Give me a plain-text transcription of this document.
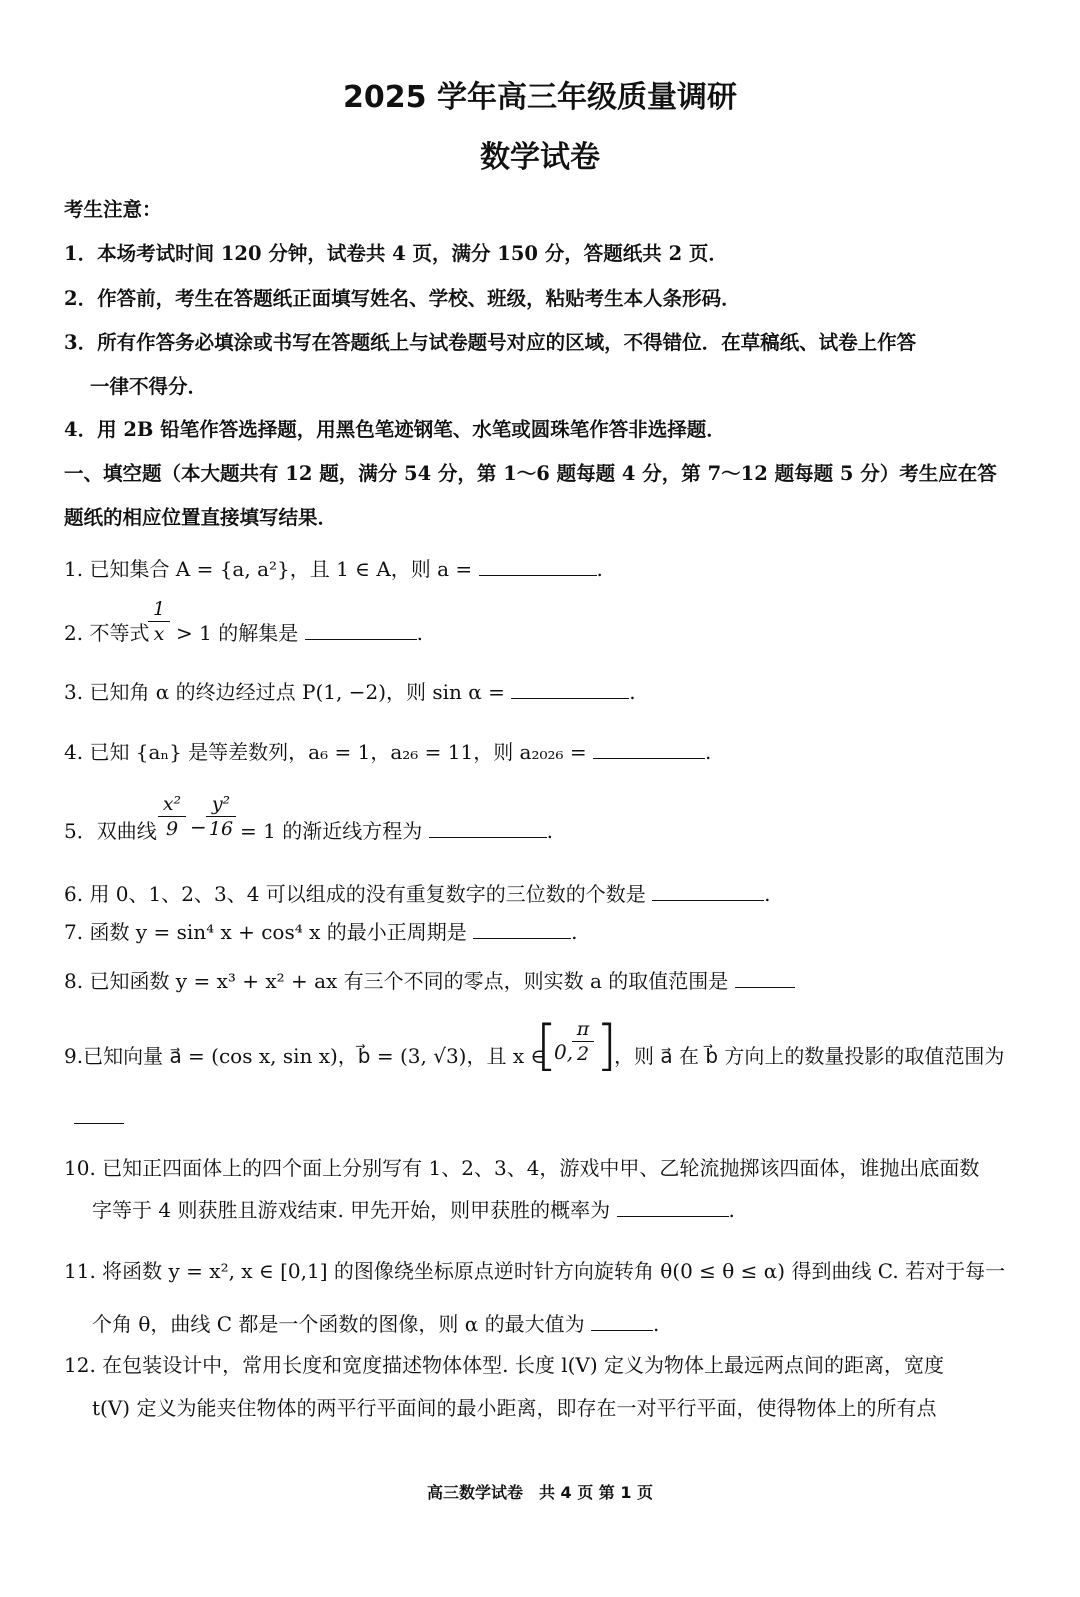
2025 学年高三年级质量调研
数学试卷
考生注意：
1．本场考试时间 120 分钟，试卷共 4 页，满分 150 分，答题纸共 2 页．
2．作答前，考生在答题纸正面填写姓名、学校、班级，粘贴考生本人条形码．
3．所有作答务必填涂或书写在答题纸上与试卷题号对应的区域，不得错位．在草稿纸、试卷上作答
一律不得分．
4．用 2B 铅笔作答选择题，用黑色笔迹钢笔、水笔或圆珠笔作答非选择题．
一、填空题（本大题共有 12 题，满分 54 分，第 1～6 题每题 4 分，第 7～12 题每题 5 分）考生应在答
题纸的相应位置直接填写结果．
1. 已知集合 A = {a, a²}，且 1 ∈ A，则 a =	.
2. 不等式
1
x > 1 的解集是	.
3. 已知角 α 的终边经过点 P(1, −2)，则 sin α =	.
4. 已知 {aₙ} 是等差数列，a₆ = 1，a₂₆ = 11，则 a₂₀₂₆ =	.
5．双曲线
x²
9 −
y²
16 = 1 的渐近线方程为	.
6. 用 0、1、2、3、4 可以组成的没有重复数字的三位数的个数是	.
7. 函数 y = sin⁴ x + cos⁴ x 的最小正周期是	.
8. 已知函数 y = x³ + x² + ax 有三个不同的零点，则实数 a 的取值范围是
9.已知向量 a⃗ = (cos x, sin x)，b⃗ = (3, √3)，且 x ∈
[
0,
π
2 ]
，则 a⃗ 在 b⃗ 方向上的数量投影的取值范围为
10. 已知正四面体上的四个面上分别写有 1、2、3、4，游戏中甲、乙轮流抛掷该四面体，谁抛出底面数
字等于 4 则获胜且游戏结束. 甲先开始，则甲获胜的概率为	.
11. 将函数 y = x², x ∈ [0,1] 的图像绕坐标原点逆时针方向旋转角 θ(0 ≤ θ ≤ α) 得到曲线 C. 若对于每一
个角 θ，曲线 C 都是一个函数的图像，则 α 的最大值为	.
12. 在包装设计中，常用长度和宽度描述物体体型. 长度 l(V) 定义为物体上最远两点间的距离，宽度
t(V) 定义为能夹住物体的两平行平面间的最小距离，即存在一对平行平面，使得物体上的所有点
高三数学试卷　共 4 页 第 1 页
